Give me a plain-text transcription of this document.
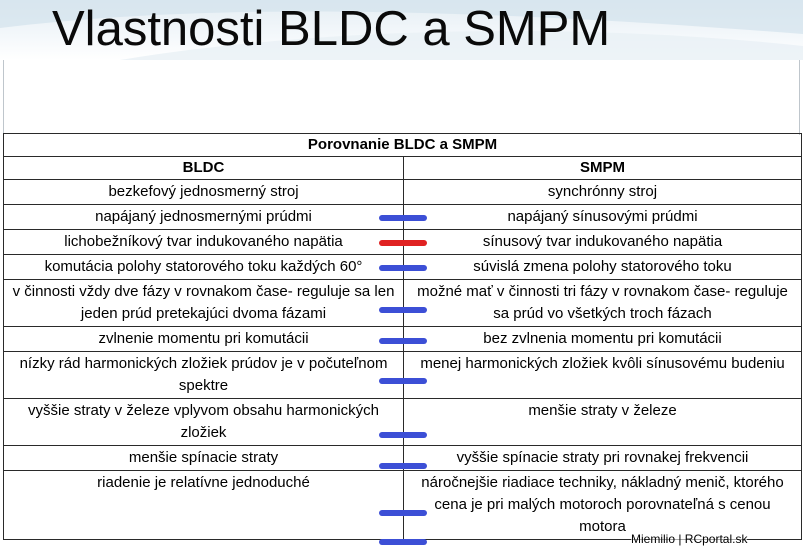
Vlastnosti BLDC a SMPM
Porovnanie BLDC a SMPM	
BLDC	SMPM
bezkefový jednosmerný stroj	synchrónny stroj
napájaný jednosmernými prúdmi	napájaný sínusovými prúdmi
lichobežníkový tvar indukovaného napätia	sínusový tvar indukovaného napätia
komutácia polohy statorového toku každých 60°	súvislá zmena polohy statorového toku
v činnosti vždy dve fázy v rovnakom čase- reguluje sa len jeden prúd pretekajúci dvoma fázami	možné mať v činnosti tri fázy v rovnakom čase- reguluje sa prúd vo všetkých troch fázach
zvlnenie momentu pri komutácii	bez zvlnenia momentu pri komutácii
nízky rád harmonických zložiek prúdov je v počuteľnom spektre	menej harmonických zložiek kvôli sínusovému budeniu
vyššie straty v železe vplyvom obsahu harmonických zložiek	menšie straty v železe
menšie spínacie straty	vyššie spínacie straty pri rovnakej frekvencii
riadenie je relatívne jednoduché	náročnejšie riadiace techniky, nákladný menič, ktorého cena je pri malých motoroch porovnateľná s cenou motora
Miemilio | RCportal.sk
